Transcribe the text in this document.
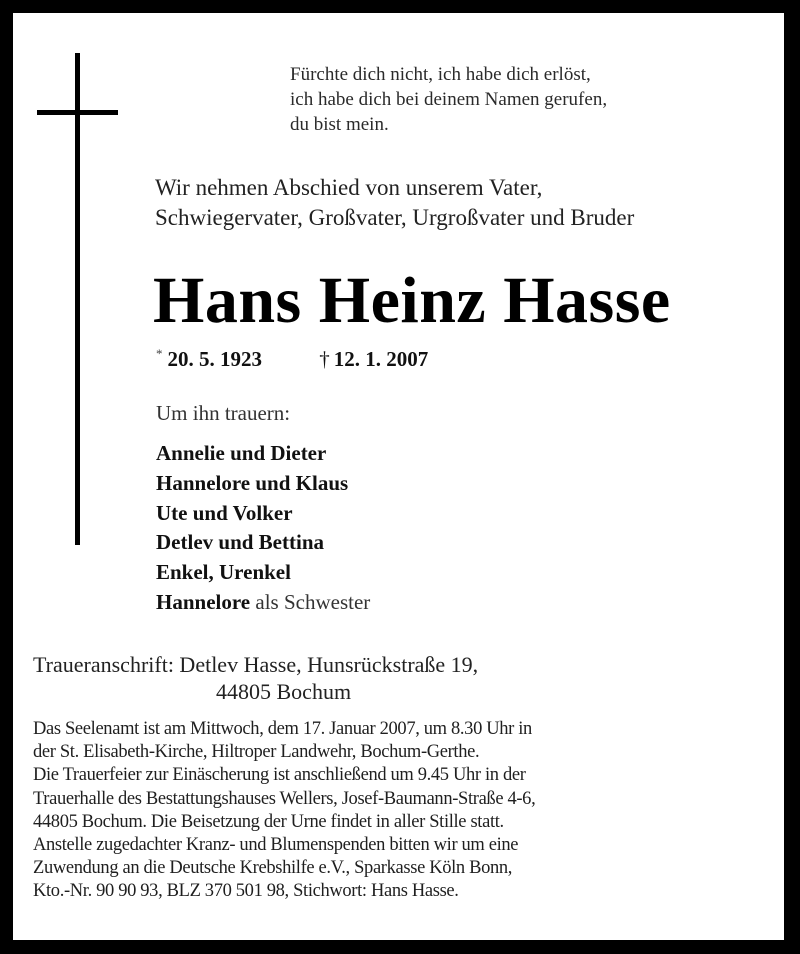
Fürchte dich nicht, ich habe dich erlöst,
ich habe dich bei deinem Namen gerufen,
du bist mein.
Wir nehmen Abschied von unserem Vater,
Schwiegervater, Großvater, Urgroßvater und Bruder
Hans Heinz Hasse
* 20. 5. 1923	† 12. 1. 2007
Um ihn trauern:
Annelie und Dieter
Hannelore und Klaus
Ute und Volker
Detlev und Bettina
Enkel, Urenkel
Hannelore als Schwester
Traueranschrift: Detlev Hasse, Hunsrückstraße 19,
44805 Bochum
Das Seelenamt ist am Mittwoch, dem 17. Januar 2007, um 8.30 Uhr in
der St. Elisabeth-Kirche, Hiltroper Landwehr, Bochum-Gerthe.
Die Trauerfeier zur Einäscherung ist anschließend um 9.45 Uhr in der
Trauerhalle des Bestattungshauses Wellers, Josef-Baumann-Straße 4-6,
44805 Bochum. Die Beisetzung der Urne findet in aller Stille statt.
Anstelle zugedachter Kranz- und Blumenspenden bitten wir um eine
Zuwendung an die Deutsche Krebshilfe e.V., Sparkasse Köln Bonn,
Kto.-Nr. 90 90 93, BLZ 370 501 98, Stichwort: Hans Hasse.
